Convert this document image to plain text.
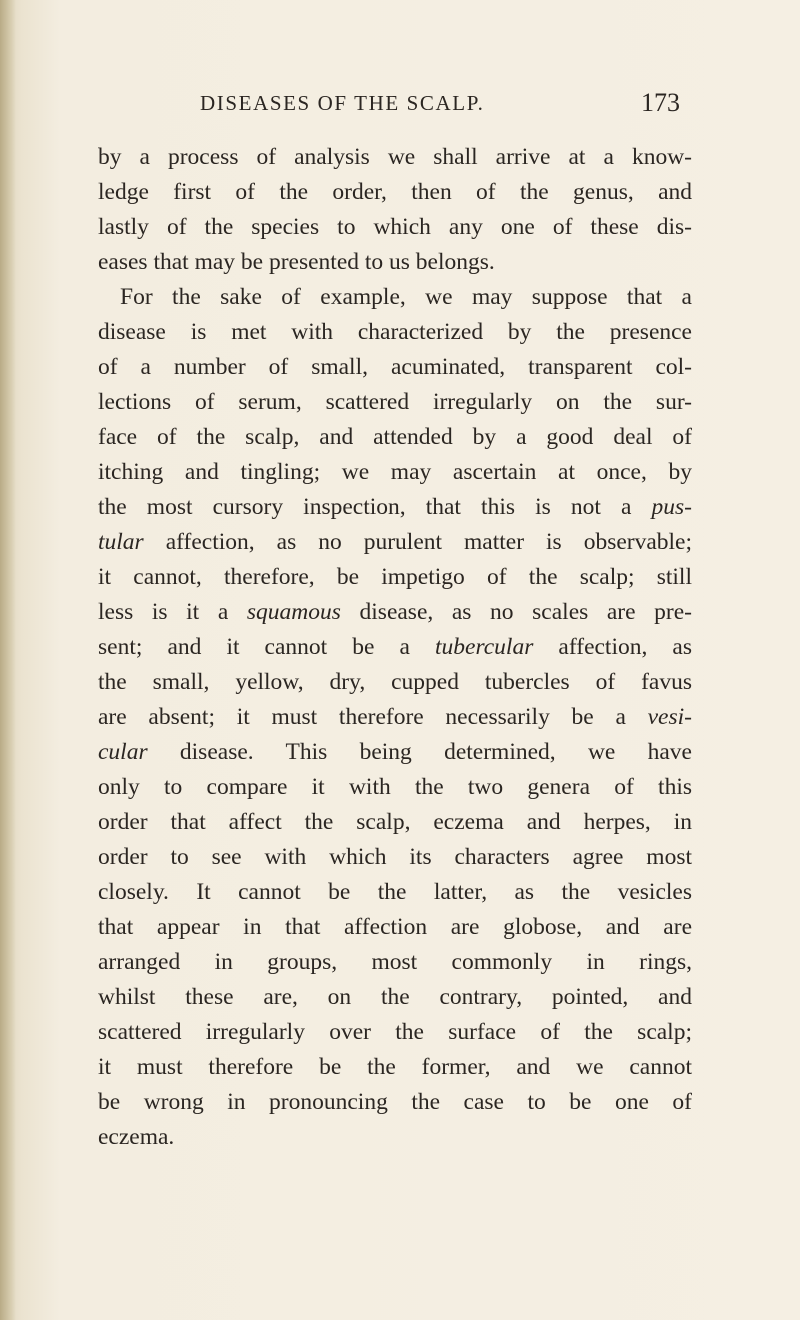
DISEASES OF THE SCALP.	173
by a process of analysis we shall arrive at a know-
ledge first of the order, then of the genus, and
lastly of the species to which any one of these dis-
eases that may be presented to us belongs.
For the sake of example, we may suppose that a
disease is met with characterized by the presence
of a number of small, acuminated, transparent col-
lections of serum, scattered irregularly on the sur-
face of the scalp, and attended by a good deal of
itching and tingling; we may ascertain at once, by
the most cursory inspection, that this is not a pus-
tular affection, as no purulent matter is observable;
it cannot, therefore, be impetigo of the scalp; still
less is it a squamous disease, as no scales are pre-
sent; and it cannot be a tubercular affection, as
the small, yellow, dry, cupped tubercles of favus
are absent; it must therefore necessarily be a vesi-
cular disease. This being determined, we have
only to compare it with the two genera of this
order that affect the scalp, eczema and herpes, in
order to see with which its characters agree most
closely. It cannot be the latter, as the vesicles
that appear in that affection are globose, and are
arranged in groups, most commonly in rings,
whilst these are, on the contrary, pointed, and
scattered irregularly over the surface of the scalp;
it must therefore be the former, and we cannot
be wrong in pronouncing the case to be one of
eczema.
